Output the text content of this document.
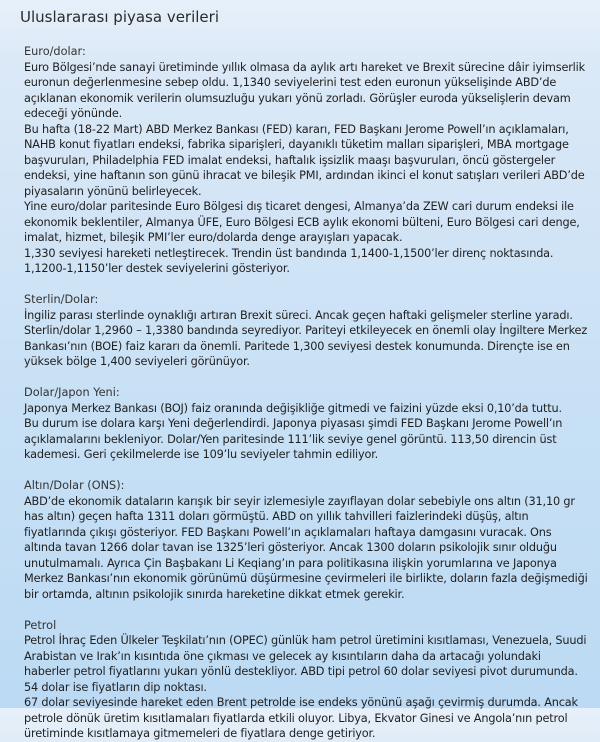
Uluslararası piyasa verileri
Euro/dolar:

Euro Bölgesi’nde sanayi üretiminde yıllık olmasa da aylık artı hareket ve Brexit sürecine dâir iyimserlik euronun değerlenmesine sebep oldu. 1,1340 seviyelerini test eden euronun yükselişinde ABD’de açıklanan ekonomik verilerin olumsuzluğu yukarı yönü zorladı. Görüşler euroda yükselişlerin devam edeceği yönünde.

Bu hafta (18-22 Mart) ABD Merkez Bankası (FED) kararı, FED Başkanı Jerome Powell’ın açıklamaları,

NAHB konut fiyatları endeksi, fabrika siparişleri, dayanıklı tüketim malları siparişleri, MBA mortgage başvuruları, Philadelphia FED imalat endeksi, haftalık işsizlik maaşı başvuruları, öncü göstergeler endeksi, yine haftanın son günü ihracat ve bileşik PMI, ardından ikinci el konut satışları verileri ABD’de piyasaların yönünü belirleyecek.

Yine euro/dolar paritesinde Euro Bölgesi dış ticaret dengesi, Almanya’da ZEW cari durum endeksi ile ekonomik beklentiler, Almanya ÜFE, Euro Bölgesi ECB aylık ekonomi bülteni, Euro Bölgesi cari denge, imalat, hizmet, bileşik PMI’ler euro/dolarda denge arayışları yapacak.

1,330 seviyesi hareketi netleştirecek. Trendin üst bandında 1,1400-1,1500’ler direnç noktasında. 1,1200-1,1150’ler destek seviyelerini gösteriyor.

Sterlin/Dolar:

İngiliz parası sterlinde oynaklığı artıran Brexit süreci. Ancak geçen haftaki gelişmeler sterline yaradı. Sterlin/dolar 1,2960 – 1,3380 bandında seyrediyor. Pariteyi etkileyecek en önemli olay İngiltere Merkez Bankası’nın (BOE) faiz kararı da önemli. Paritede 1,300 seviyesi destek konumunda. Dirençte ise en yüksek bölge 1,400 seviyeleri görünüyor.

Dolar/Japon Yeni:

Japonya Merkez Bankası (BOJ) faiz oranında değişikliğe gitmedi ve faizini yüzde eksi 0,10’da tuttu.

Bu durum ise dolara karşı Yeni değerlendirdi. Japonya piyasası şimdi FED Başkanı Jerome Powell’ın açıklamalarını bekleniyor. Dolar/Yen paritesinde 111’lik seviye genel görüntü. 113,50 direncin üst kademesi. Geri çekilmelerde ise 109’lu seviyeler tahmin ediliyor.

Altın/Dolar (ONS):

ABD’de ekonomik dataların karışık bir seyir izlemesiyle zayıflayan dolar sebebiyle ons altın (31,10 gr has altın) geçen hafta 1311 doları görmüştü. ABD on yıllık tahvilleri faizlerindeki düşüş, altın fiyatlarında çıkışı gösteriyor. FED Başkanı Powell’ın açıklamaları haftaya damgasını vuracak. Ons altında tavan 1266 dolar tavan ise 1325’leri gösteriyor. Ancak 1300 doların psikolojik sınır olduğu unutulmamalı. Ayrıca Çin Başbakanı Li Keqiang’ın para politikasına ilişkin yorumlarına ve Japonya Merkez Bankası’nın ekonomik görünümü düşürmesine çevirmeleri ile birlikte, doların fazla değişmediği bir ortamda, altının psikolojik sınırda hareketine dikkat etmek gerekir.

Petrol

Petrol İhraç Eden Ülkeler Teşkilatı’nın (OPEC) günlük ham petrol üretimini kısıtlaması, Venezuela, Suudi Arabistan ve Irak’ın kısıntıda öne çıkması ve gelecek ay kısıntıların daha da artacağı yolundaki haberler petrol fiyatlarını yukarı yönlü destekliyor. ABD tipi petrol 60 dolar seviyesi pivot durumunda. 54 dolar ise fiyatların dip noktası.

67 dolar seviyesinde hareket eden Brent petrolde ise endeks yönünü aşağı çevirmiş durumda. Ancak petrole dönük üretim kısıtlamaları fiyatlarda etkili oluyor. Libya, Ekvator Ginesi ve Angola’nın petrol üretiminde kısıtlamaya gitmemeleri de fiyatlara denge getiriyor.
